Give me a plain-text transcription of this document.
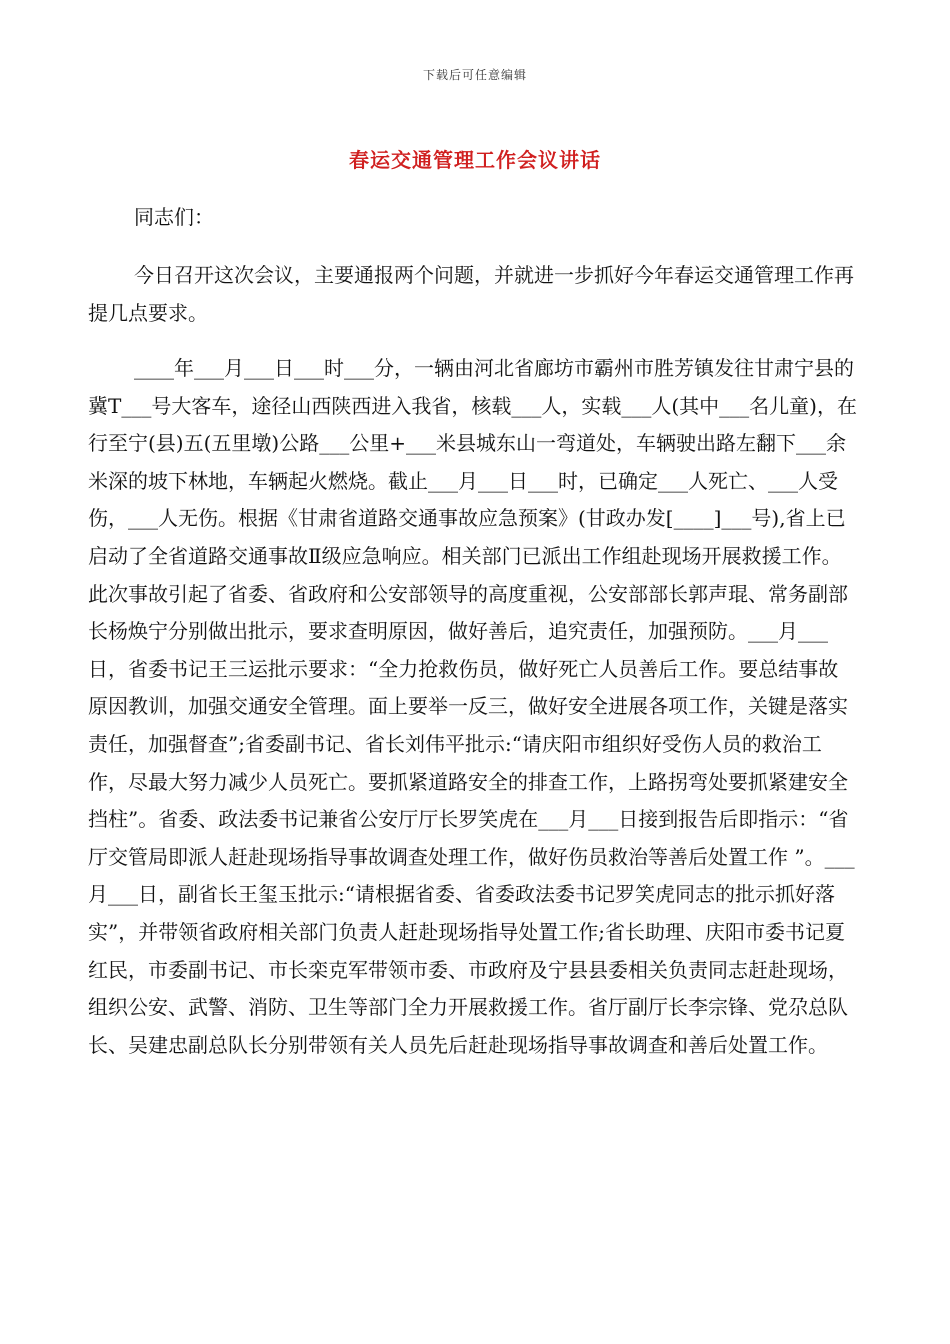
下载后可任意编辑
春运交通管理工作会议讲话

同志们：

今日召开这次会议，主要通报两个问题，并就进一步抓好今年春运交通管理工作再提几点要求。

____年___月___日___时___分，一辆由河北省廊坊市霸州市胜芳镇发往甘肃宁县的冀T___号大客车，途径山西陕西进入我省，核载___人，实载___人(其中___名儿童)，在行至宁(县)五(五里墩)公路___公里+___米县城东山一弯道处，车辆驶出路左翻下___余米深的坡下林地，车辆起火燃烧。截止___月___日___时，已确定___人死亡、___人受伤，___人无伤。根据《甘肃省道路交通事故应急预案》(甘政办发[____]___号),省上已启动了全省道路交通事故Ⅱ级应急响应。相关部门已派出工作组赴现场开展救援工作。此次事故引起了省委、省政府和公安部领导的高度重视，公安部部长郭声琨、常务副部长杨焕宁分别做出批示，要求查明原因，做好善后，追究责任，加强预防。___月___日，省委书记王三运批示要求：“全力抢救伤员，做好死亡人员善后工作。要总结事故原因教训，加强交通安全管理。面上要举一反三，做好安全进展各项工作，关键是落实责任，加强督查”;省委副书记、省长刘伟平批示:“请庆阳市组织好受伤人员的救治工作，尽最大努力减少人员死亡。要抓紧道路安全的排查工作，上路拐弯处要抓紧建安全挡柱”。省委、政法委书记兼省公安厅厅长罗笑虎在___月___日接到报告后即指示：“省厅交管局即派人赶赴现场指导事故调查处理工作，做好伤员救治等善后处置工作 ”。___月___日，副省长王玺玉批示:“请根据省委、省委政法委书记罗笑虎同志的批示抓好落实”，并带领省政府相关部门负责人赶赴现场指导处置工作;省长助理、庆阳市委书记夏红民，市委副书记、市长栾克军带领市委、市政府及宁县县委相关负责同志赶赴现场，组织公安、武警、消防、卫生等部门全力开展救援工作。省厅副厅长李宗锋、党尕总队长、吴建忠副总队长分别带领有关人员先后赶赴现场指导事故调查和善后处置工作。
